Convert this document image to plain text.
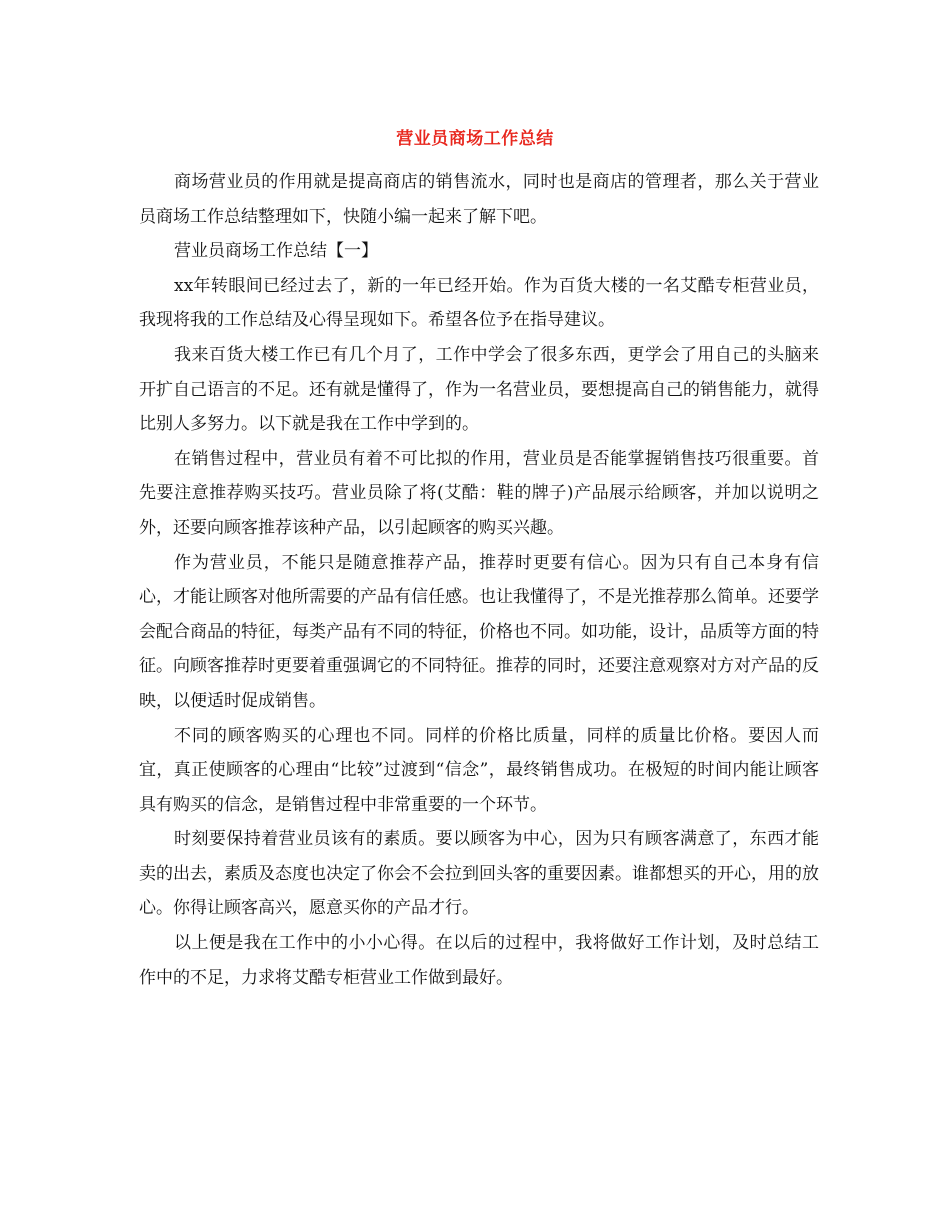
营业员商场工作总结

商场营业员的作用就是提高商店的销售流水，同时也是商店的管理者，那么关于营业员商场工作总结整理如下，快随小编一起来了解下吧。

营业员商场工作总结【一】

xx年转眼间已经过去了，新的一年已经开始。作为百货大楼的一名艾酷专柜营业员，我现将我的工作总结及心得呈现如下。希望各位予在指导建议。

我来百货大楼工作已有几个月了，工作中学会了很多东西，更学会了用自己的头脑来开扩自己语言的不足。还有就是懂得了，作为一名营业员，要想提高自己的销售能力，就得比别人多努力。以下就是我在工作中学到的。

在销售过程中，营业员有着不可比拟的作用，营业员是否能掌握销售技巧很重要。首先要注意推荐购买技巧。营业员除了将(艾酷：鞋的牌子)产品展示给顾客，并加以说明之外，还要向顾客推荐该种产品，以引起顾客的购买兴趣。

作为营业员，不能只是随意推荐产品，推荐时更要有信心。因为只有自己本身有信心，才能让顾客对他所需要的产品有信任感。也让我懂得了，不是光推荐那么简单。还要学会配合商品的特征，每类产品有不同的特征，价格也不同。如功能，设计，品质等方面的特征。向顾客推荐时更要着重强调它的不同特征。推荐的同时，还要注意观察对方对产品的反映，以便适时促成销售。

不同的顾客购买的心理也不同。同样的价格比质量，同样的质量比价格。要因人而宜，真正使顾客的心理由“比较”过渡到“信念”，最终销售成功。在极短的时间内能让顾客具有购买的信念，是销售过程中非常重要的一个环节。

时刻要保持着营业员该有的素质。要以顾客为中心，因为只有顾客满意了，东西才能卖的出去，素质及态度也决定了你会不会拉到回头客的重要因素。谁都想买的开心，用的放心。你得让顾客高兴，愿意买你的产品才行。

以上便是我在工作中的小小心得。在以后的过程中，我将做好工作计划，及时总结工作中的不足，力求将艾酷专柜营业工作做到最好。
